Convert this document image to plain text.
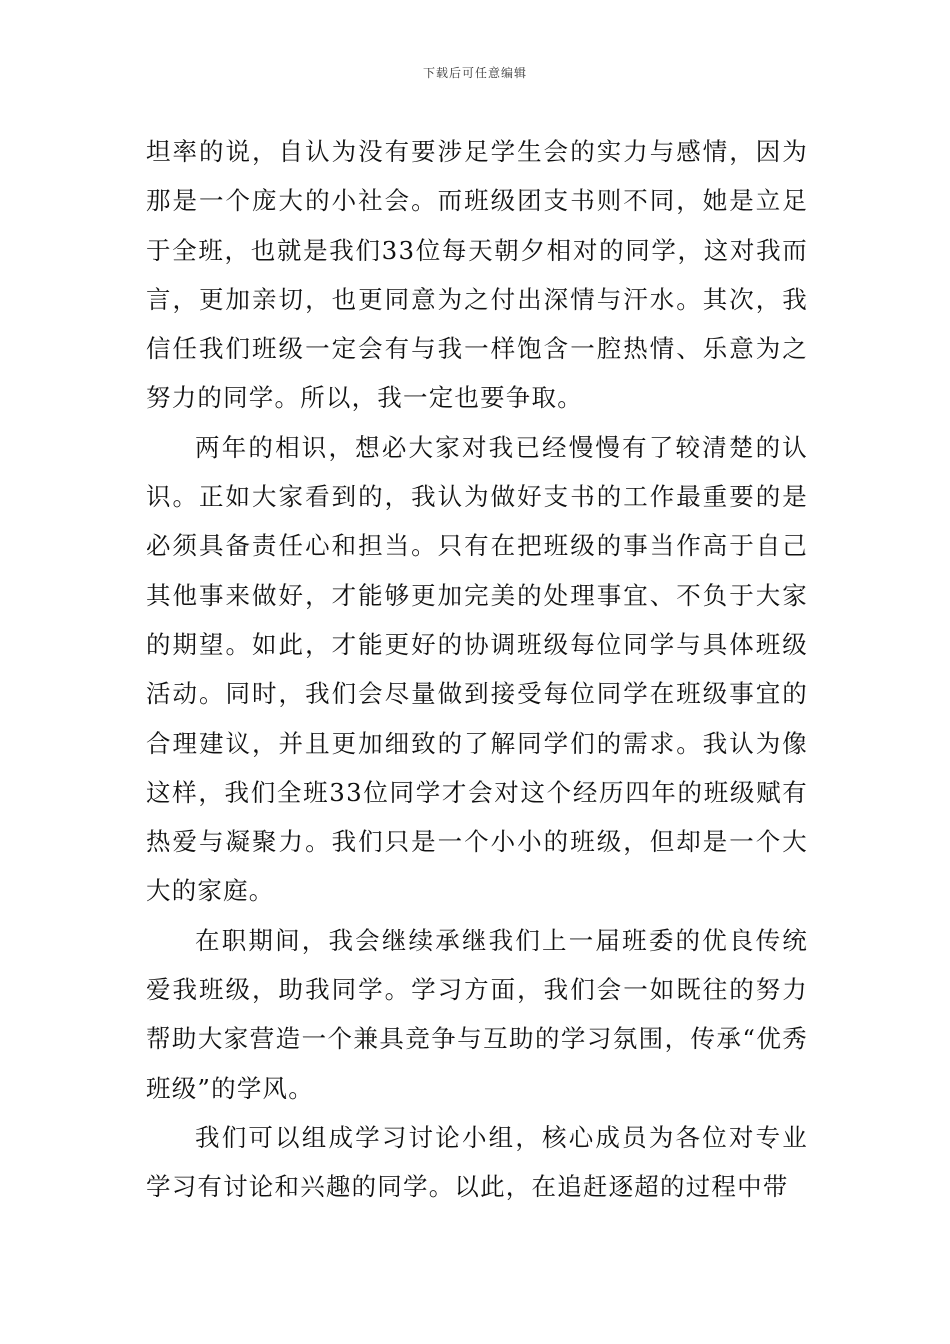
下载后可任意编辑

坦率的说，自认为没有要涉足学生会的实力与感情，因为那是一个庞大的小社会。而班级团支书则不同，她是立足于全班，也就是我们33位每天朝夕相对的同学，这对我而言，更加亲切，也更同意为之付出深情与汗水。其次，我信任我们班级一定会有与我一样饱含一腔热情、乐意为之努力的同学。所以，我一定也要争取。

两年的相识，想必大家对我已经慢慢有了较清楚的认识。正如大家看到的，我认为做好支书的工作最重要的是必须具备责任心和担当。只有在把班级的事当作高于自己其他事来做好，才能够更加完美的处理事宜、不负于大家的期望。如此，才能更好的协调班级每位同学与具体班级活动。同时，我们会尽量做到接受每位同学在班级事宜的合理建议，并且更加细致的了解同学们的需求。我认为像这样，我们全班33位同学才会对这个经历四年的班级赋有热爱与凝聚力。我们只是一个小小的班级，但却是一个大大的家庭。

在职期间，我会继续承继我们上一届班委的优良传统爱我班级，助我同学。学习方面，我们会一如既往的努力帮助大家营造一个兼具竞争与互助的学习氛围，传承“优秀班级”的学风。

我们可以组成学习讨论小组，核心成员为各位对专业学习有讨论和兴趣的同学。以此，在追赶逐超的过程中带
